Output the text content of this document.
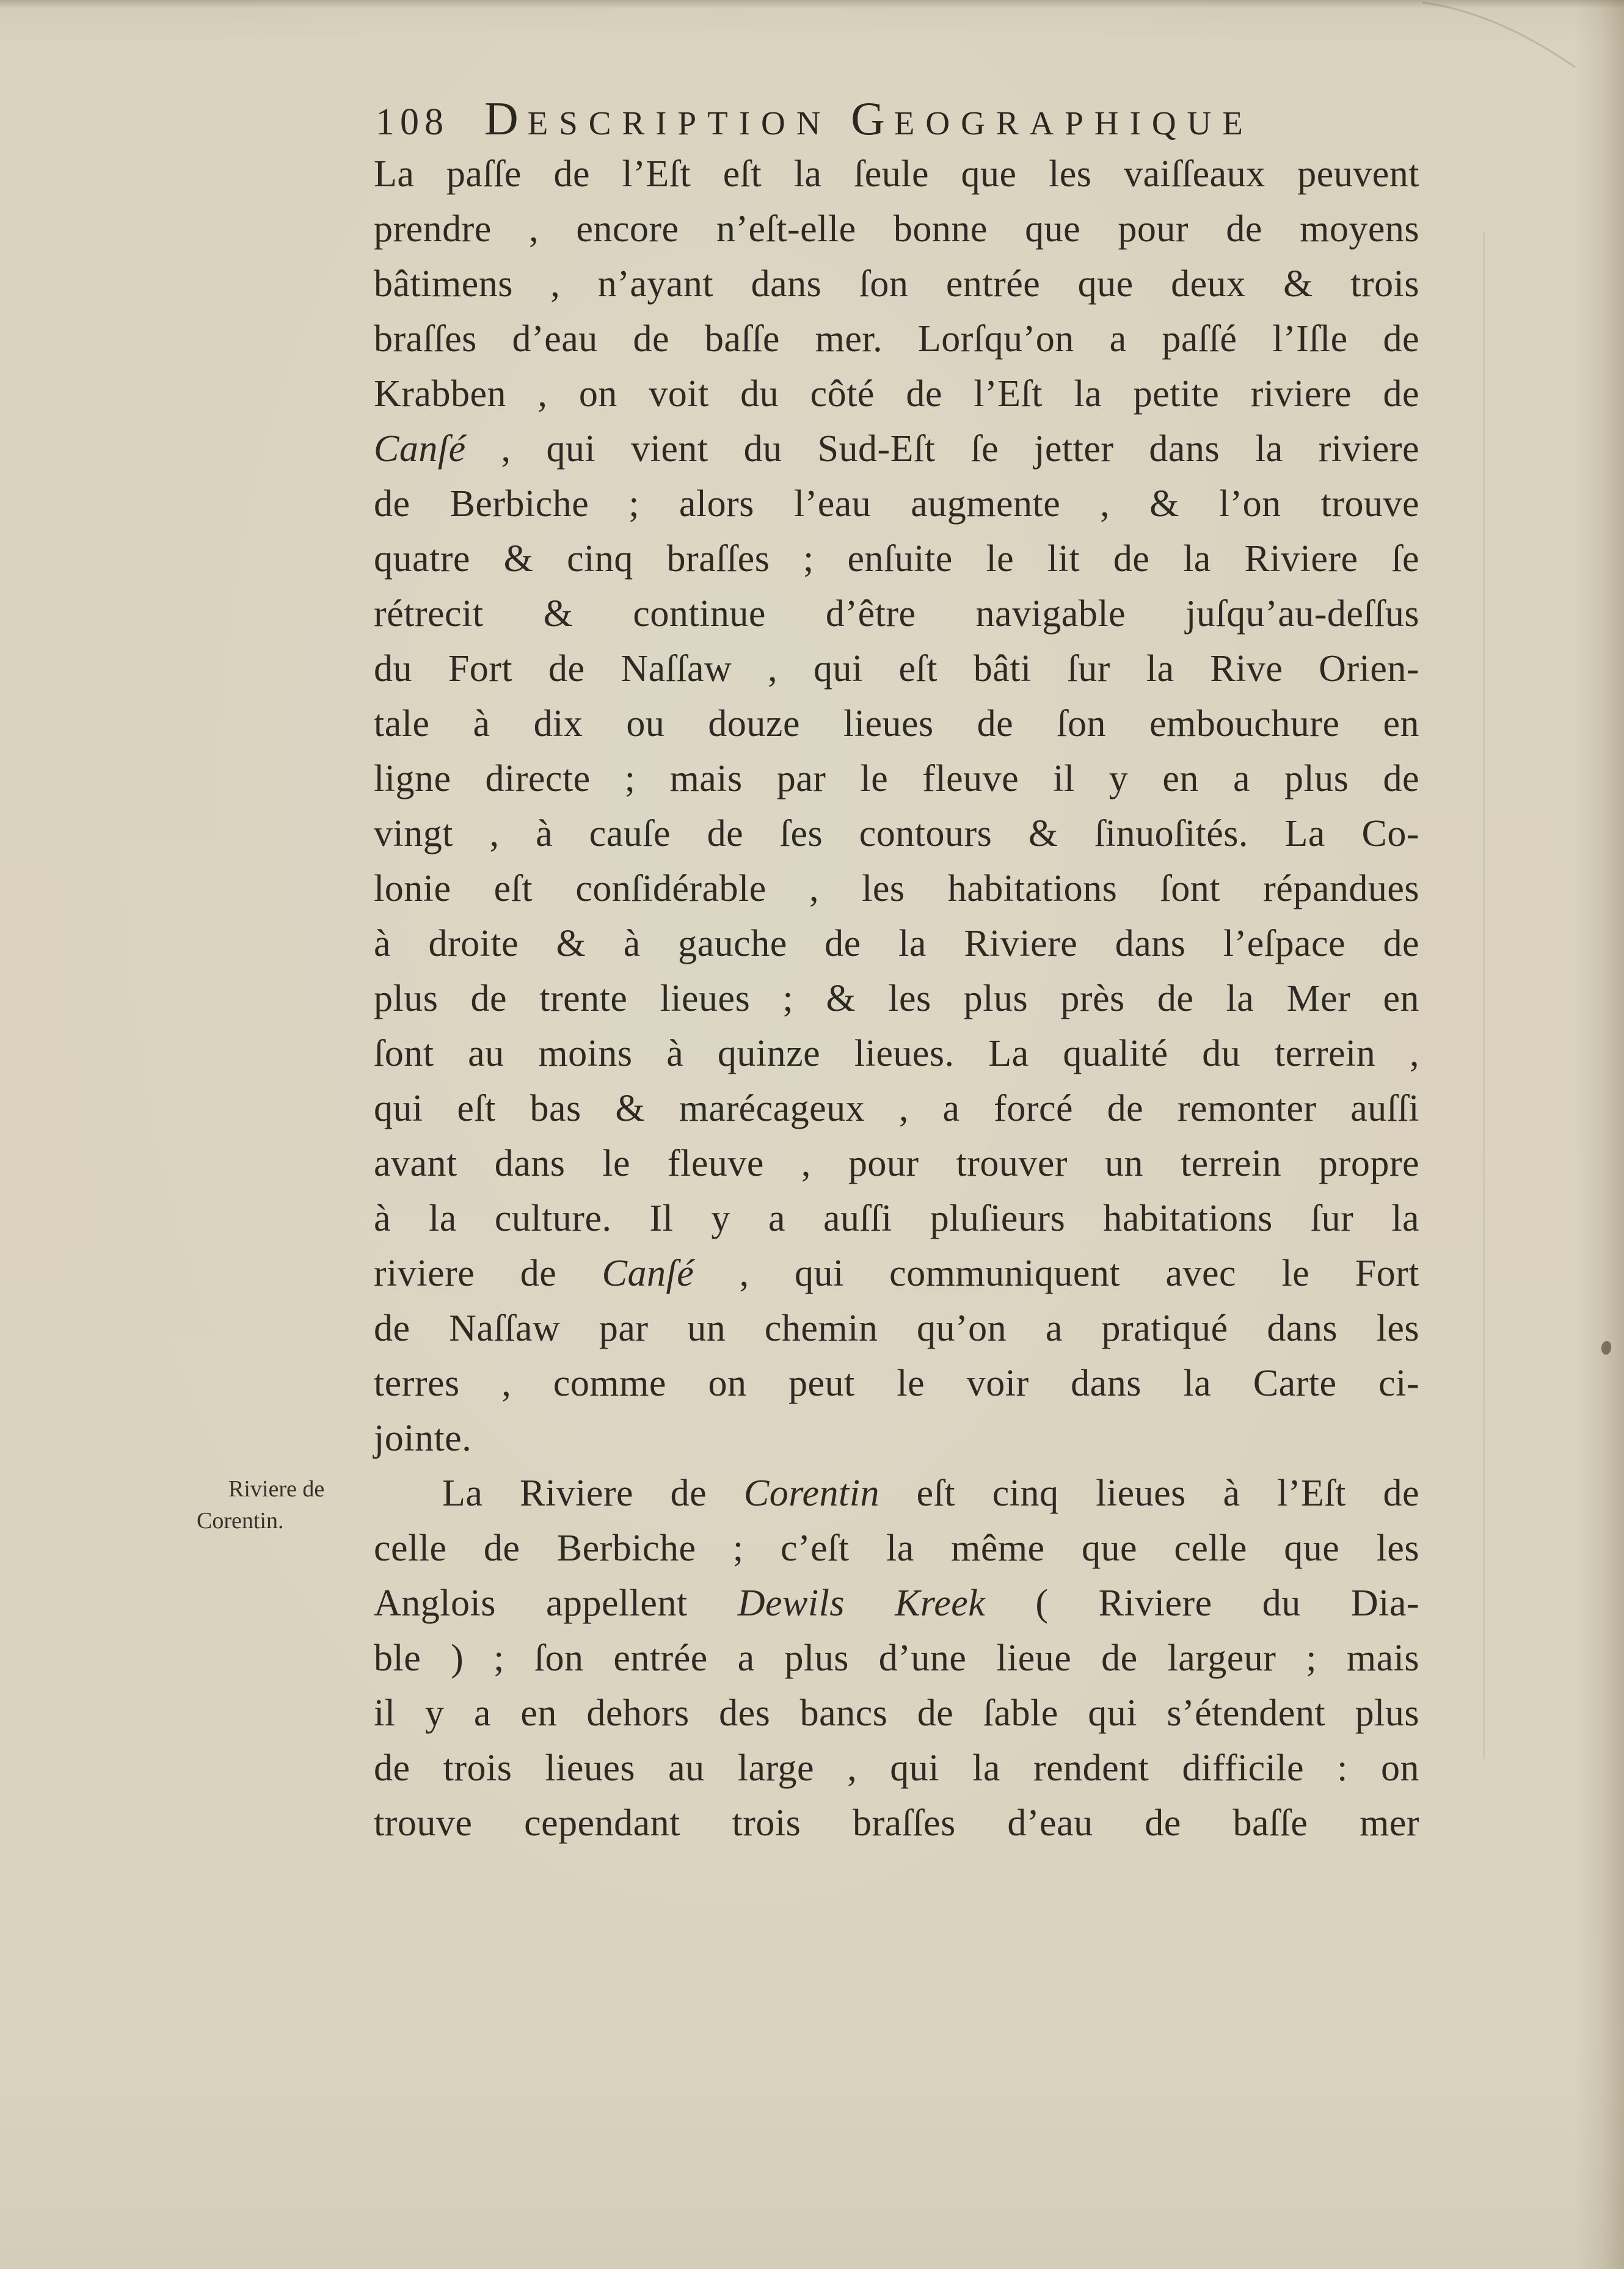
108 DESCRIPTION GEOGRAPHIQUE
La paſſe de l’Eſt eſt la ſeule que les vaiſſeaux peuvent
prendre , encore n’eſt-elle bonne que pour de moyens
bâtimens , n’ayant dans ſon entrée que deux & trois
braſſes d’eau de baſſe mer. Lorſqu’on a paſſé l’Iſle de
Krabben , on voit du côté de l’Eſt la petite riviere de
Canſé , qui vient du Sud-Eſt ſe jetter dans la riviere
de Berbiche ; alors l’eau augmente , & l’on trouve
quatre & cinq braſſes ; enſuite le lit de la Riviere ſe
rétrecit & continue d’être navigable juſqu’au-deſſus
du Fort de Naſſaw , qui eſt bâti ſur la Rive Orien-
tale à dix ou douze lieues de ſon embouchure en
ligne directe ; mais par le fleuve il y en a plus de
vingt , à cauſe de ſes contours & ſinuoſités. La Co-
lonie eſt conſidérable , les habitations ſont répandues
à droite & à gauche de la Riviere dans l’eſpace de
plus de trente lieues ; & les plus près de la Mer en
ſont au moins à quinze lieues. La qualité du terrein ,
qui eſt bas & marécageux , a forcé de remonter auſſi
avant dans le fleuve , pour trouver un terrein propre
à la culture. Il y a auſſi pluſieurs habitations ſur la
riviere de Canſé , qui communiquent avec le Fort
de Naſſaw par un chemin qu’on a pratiqué dans les
terres , comme on peut le voir dans la Carte ci-
jointe.
La Riviere de Corentin eſt cinq lieues à l’Eſt de
celle de Berbiche ; c’eſt la même que celle que les
Anglois appellent Dewils Kreek ( Riviere du Dia-
ble ) ; ſon entrée a plus d’une lieue de largeur ; mais
il y a en dehors des bancs de ſable qui s’étendent plus
de trois lieues au large , qui la rendent difficile : on
trouve cependant trois braſſes d’eau de baſſe mer
Riviere de
Corentin.
